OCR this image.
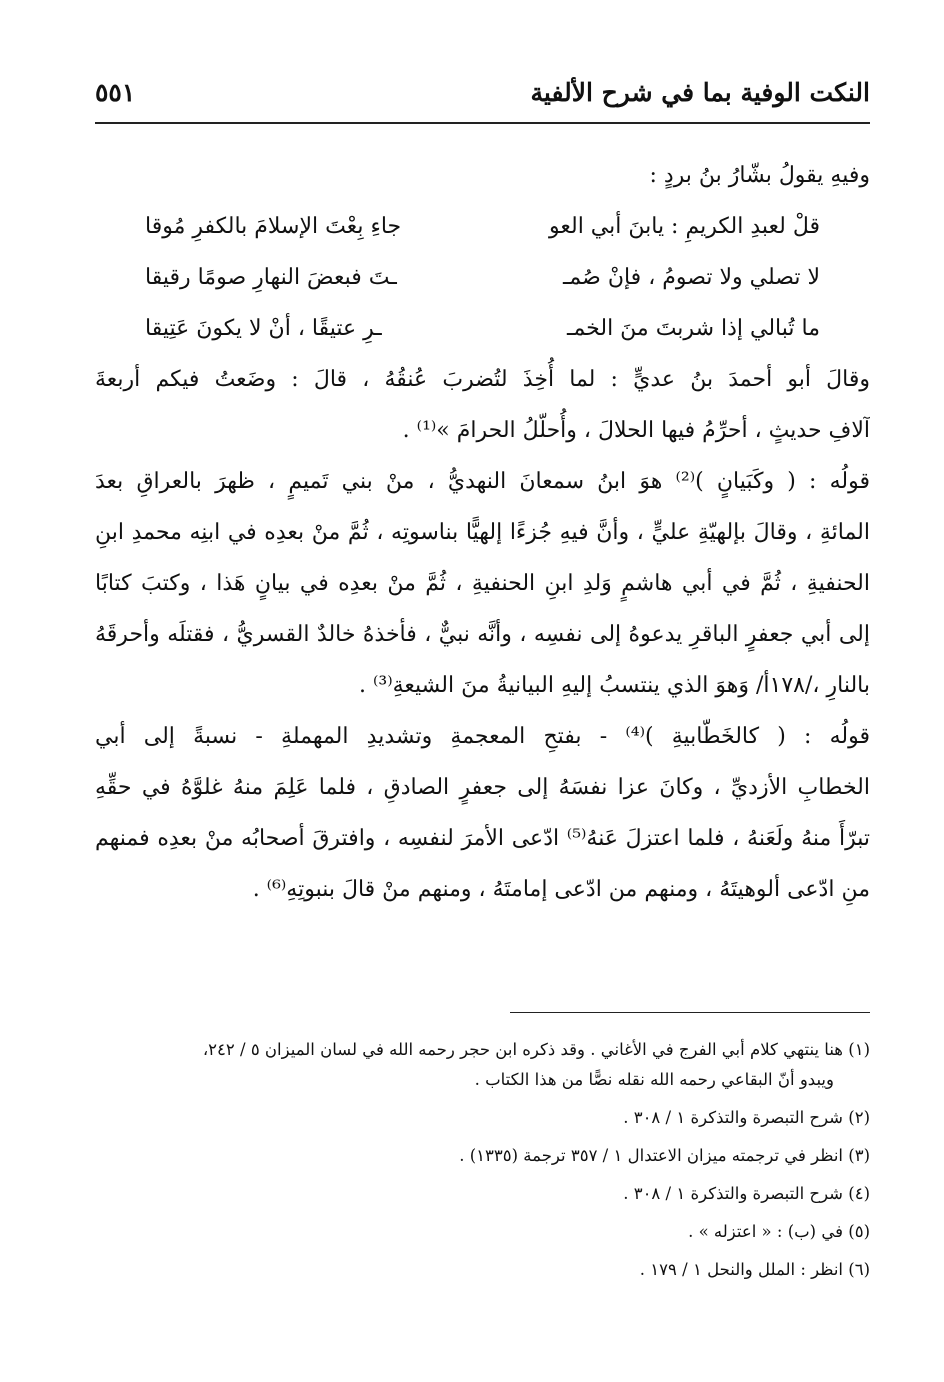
النكت الوفية بما في شرح الألفية
٥٥١
وفيهِ يقولُ بشّارُ بنُ بردٍ :
قلْ لعبدِ الكريمِ : يابنَ أبي العو
جاءِ بِعْتَ الإسلامَ بالكفرِ مُوقا
لا تصلي ولا تصومُ ، فإنْ صُمـ
ـتَ فبعضَ النهارِ صومًا رقيقا
ما تُبالي إذا شربتَ منَ الخمـ
ـرِ عتيقًا ، أنْ لا يكونَ عَتِيقا
وقالَ أبو أحمدَ بنُ عديٍّ : لما أُخِذَ لتُضربَ عُنقُهُ ، قالَ : وضَعتُ فيكم أربعةَ
آلافِ حديثٍ ، أحرِّمُ فيها الحلالَ ، وأُحلّلُ الحرامَ »⁽¹⁾ .
قولُه : ( وكَبَيانٍ )⁽²⁾ هوَ ابنُ سمعانَ النهديُّ ، منْ بني تَميمٍ ، ظهرَ بالعراقِ بعدَ
المائةِ ، وقالَ بإلهيّةِ عليٍّ ، وأنَّ فيهِ جُزءًا إلهيًّا بناسوتِه ، ثُمَّ منْ بعدِه في ابنِه محمدِ ابنِ
الحنفيةِ ، ثُمَّ في أبي هاشمٍ وَلدِ ابنِ الحنفيةِ ، ثُمَّ منْ بعدِه في بيانٍ هَذا ، وكتبَ كتابًا
إلى أبي جعفرٍ الباقرِ يدعوهُ إلى نفسِه ، وأنَّه نبيٌّ ، فأخذهُ خالدٌ القسريُّ ، فقتلَه وأحرقَهُ
بالنارِ ،/١٧٨أ/ وَهوَ الذي ينتسبُ إليهِ البيانيةُ منَ الشيعةِ⁽³⁾ .
قولُه : ( كالخَطّابيةِ )⁽⁴⁾ - بفتحِ المعجمةِ وتشديدِ المهملةِ - نسبةً إلى أبي
الخطابِ الأزديِّ ، وكانَ عزا نفسَهُ إلى جعفرٍ الصادقِ ، فلما عَلِمَ منهُ غلوَّهُ في حقِّهِ
تبرّأَ منهُ ولَعَنهُ ، فلما اعتزلَ عَنهُ⁽⁵⁾ ادّعى الأمرَ لنفسِه ، وافترقَ أصحابُه منْ بعدِه فمنهم
منِ ادّعى ألوهيتَهُ ، ومنهم من ادّعى إمامتَهُ ، ومنهم منْ قالَ بنبوتِهِ⁽⁶⁾ .
(١) هنا ينتهي كلام أبي الفرج في الأغاني . وقد ذكره ابن حجر رحمه الله في لسان الميزان ٥ / ٢٤٢،
ويبدو أنّ البقاعي رحمه الله نقله نصًّا من هذا الكتاب .
(٢) شرح التبصرة والتذكرة ١ / ٣٠٨ .
(٣) انظر في ترجمته ميزان الاعتدال ١ / ٣٥٧ ترجمة (١٣٣٥) .
(٤) شرح التبصرة والتذكرة ١ / ٣٠٨ .
(٥) في (ب) : « اعتزله » .
(٦) انظر : الملل والنحل ١ / ١٧٩ .
